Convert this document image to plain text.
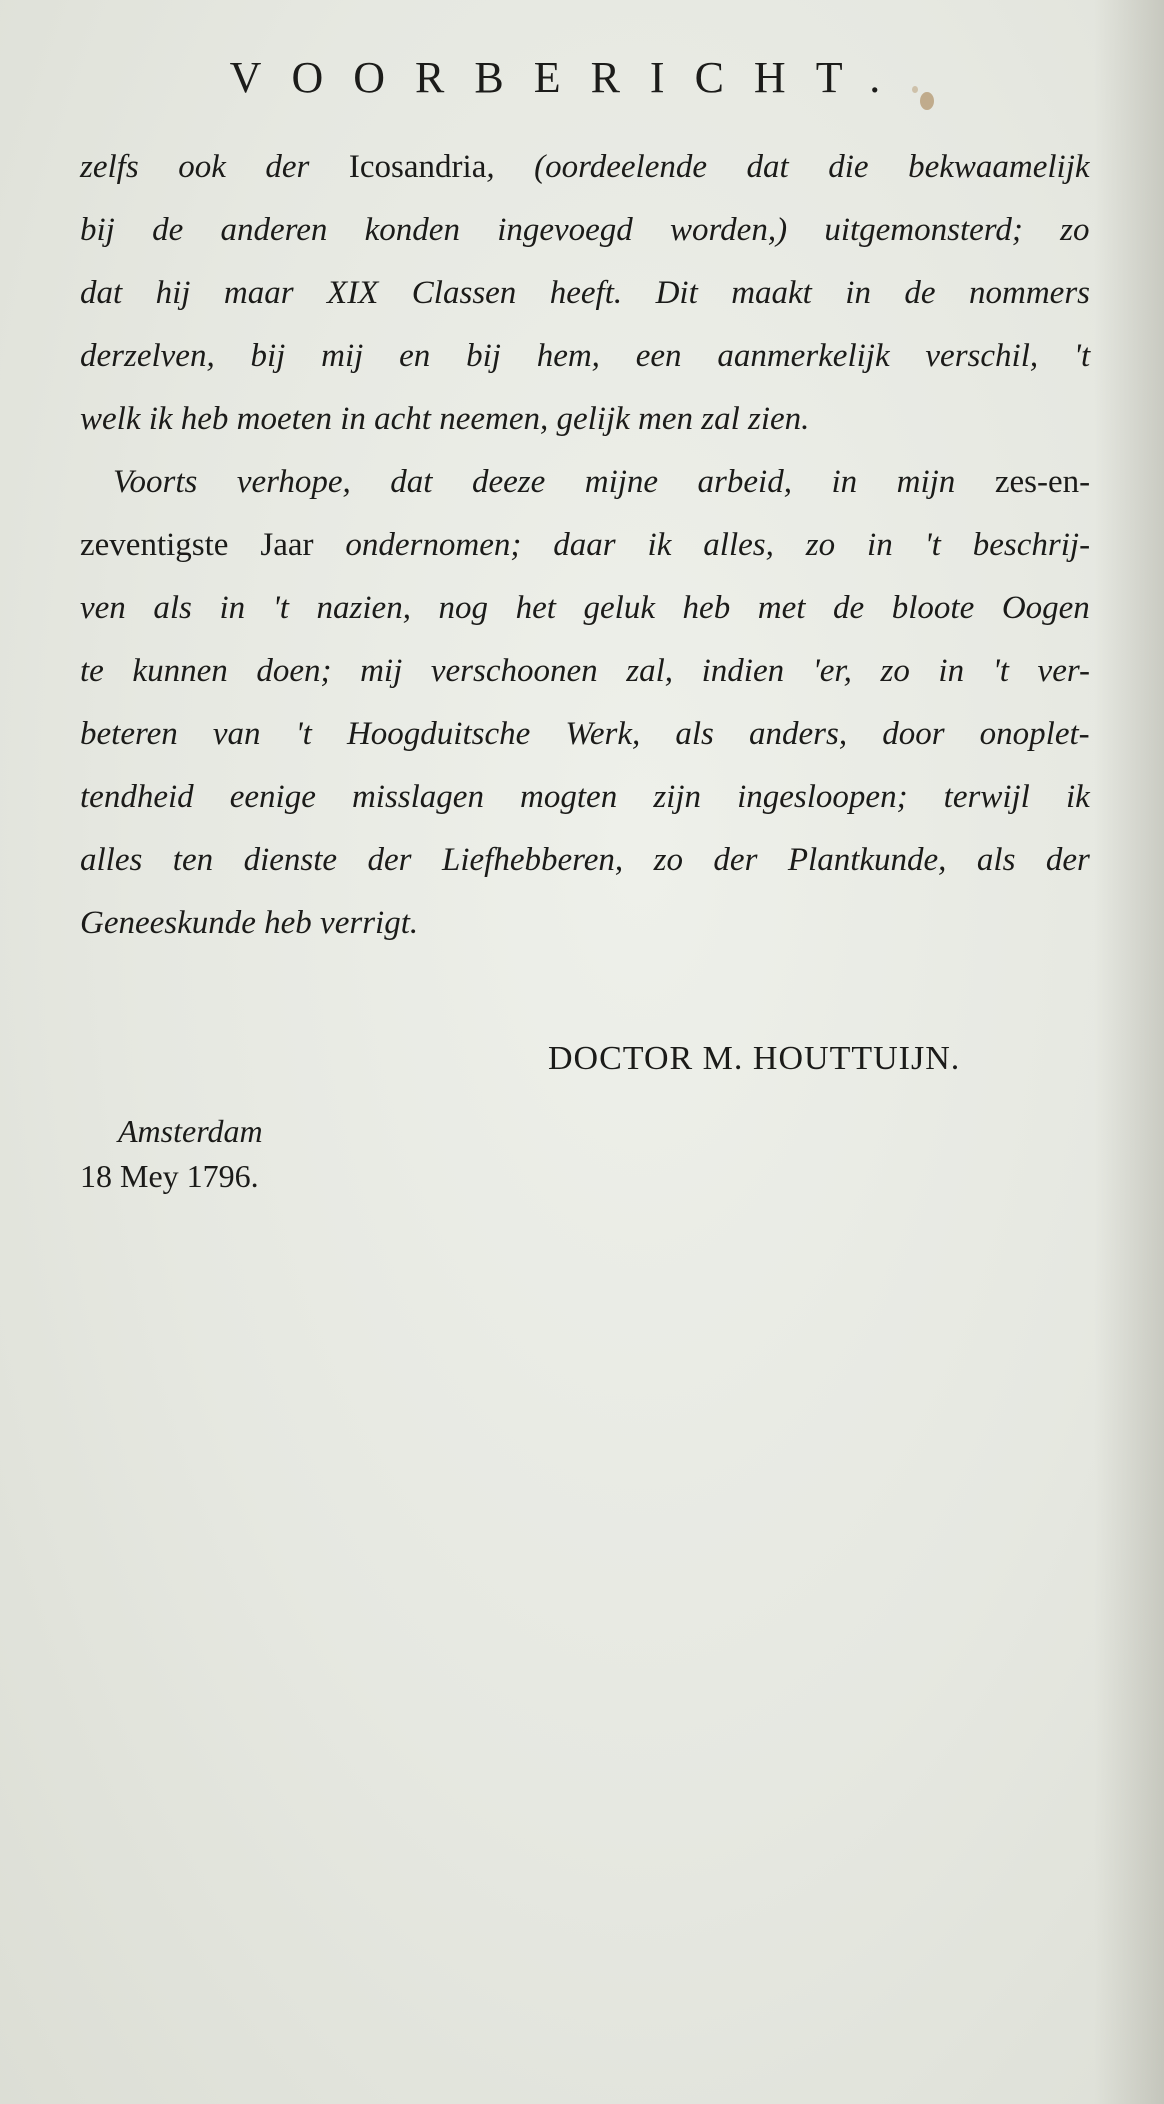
VOORBERICHT.
zelfs ook der Icosandria, (oordeelende dat die bekwaamelijk
bij de anderen konden ingevoegd worden,) uitgemonsterd; zo
dat hij maar XIX Classen heeft. Dit maakt in de nommers
derzelven, bij mij en bij hem, een aanmerkelijk verschil, 't
welk ik heb moeten in acht neemen, gelijk men zal zien.
 Voorts verhope, dat deeze mijne arbeid, in mijn zes-en-
zeventigste Jaar ondernomen; daar ik alles, zo in 't beschrij-
ven als in 't nazien, nog het geluk heb met de bloote Oogen
te kunnen doen; mij verschoonen zal, indien 'er, zo in 't ver-
beteren van 't Hoogduitsche Werk, als anders, door onoplet-
tendheid eenige misslagen mogten zijn ingesloopen; terwijl ik
alles ten dienste der Liefhebberen, zo der Plantkunde, als der
Geneeskunde heb verrigt.
DOCTOR M. HOUTTUIJN.
Amsterdam
18 Mey 1796.
